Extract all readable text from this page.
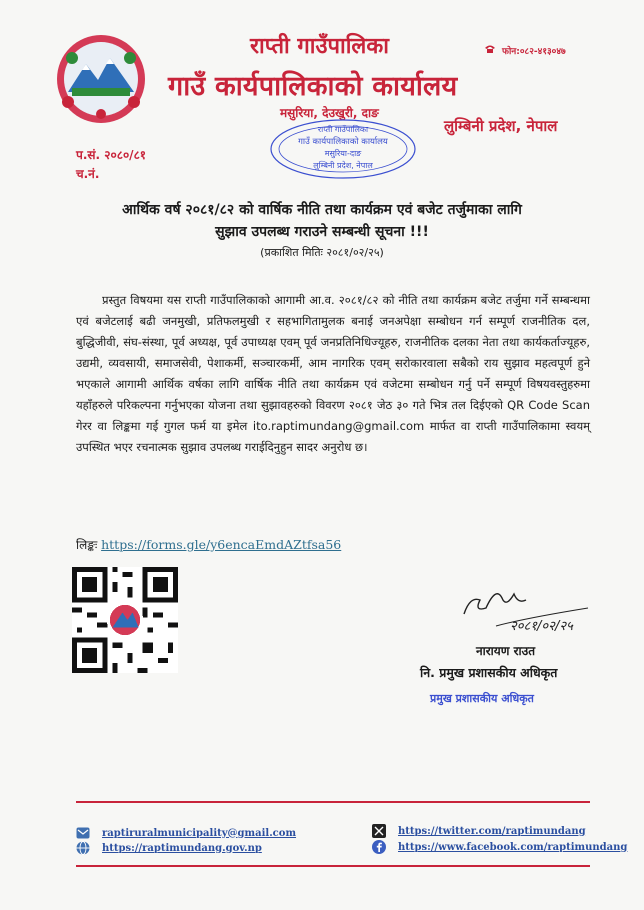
राप्ती गाउँपालिका
गाउँ कार्यपालिकाको कार्यालय
मसुरिया, देउखुरी, दाङ
लुम्बिनी प्रदेश, नेपाल
फोन:०८२-४१३०४७
प.सं. २०८०/८१
च.नं.
राप्ती गाउँपालिका
गाउँ कार्यपालिकाको कार्यालय
मसुरिया-दाङ
लुम्बिनी प्रदेश, नेपाल
आर्थिक वर्ष २०८१/८२ को वार्षिक नीति तथा कार्यक्रम एवं बजेट तर्जुमाका लागि
सुझाव उपलब्ध गराउने सम्बन्धी सूचना !!!
(प्रकाशित मितिः २०८१/०२/२५)
प्रस्तुत विषयमा यस राप्ती गाउँपालिकाको आगामी आ.व. २०८१/८२ को नीति तथा कार्यक्रम बजेट तर्जुमा गर्ने सम्बन्धमा एवं बजेटलाई बढी जनमुखी, प्रतिफलमुखी र सहभागितामुलक बनाई जनअपेक्षा सम्बोधन गर्न सम्पूर्ण राजनीतिक दल, बुद्धिजीवी, संघ-संस्था, पूर्व अध्यक्ष, पूर्व उपाध्यक्ष एवम् पूर्व जनप्रतिनिधिज्यूहरु, राजनीतिक दलका नेता तथा कार्यकर्ताज्यूहरु, उद्यमी, व्यवसायी, समाजसेवी, पेशाकर्मी, सञ्चारकर्मी, आम नागरिक एवम् सरोकारवाला सबैको राय सुझाव महत्वपूर्ण हुने भएकाले आगामी आर्थिक वर्षका लागि वार्षिक नीति तथा कार्यक्रम एवं वजेटमा सम्बोधन गर्नु पर्ने सम्पूर्ण विषयवस्तुहरुमा यहाँहरुले परिकल्पना गर्नुभएका योजना तथा सुझावहरुको विवरण २०८१ जेठ ३० गते भित्र तल दिईएको QR Code Scan गेरर वा लिङ्कमा गई गुगल फर्म या इमेल ito.raptimundang@gmail.com मार्फत वा राप्ती गाउँपालिकामा स्वयम् उपस्थित भएर रचनात्मक सुझाव उपलब्ध गराईदिनुहुन सादर अनुरोध छ।
लिङ्कः https://forms.gle/y6encaEmdAZtfsa56
२०८१/०२/२५
नारायण राउत
नि. प्रमुख प्रशासकीय अधिकृत
प्रमुख प्रशासकीय अधिकृत
raptiruralmunicipality@gmail.com
https://raptimundang.gov.np
https://twitter.com/raptimundang
https://www.facebook.com/raptimundang
